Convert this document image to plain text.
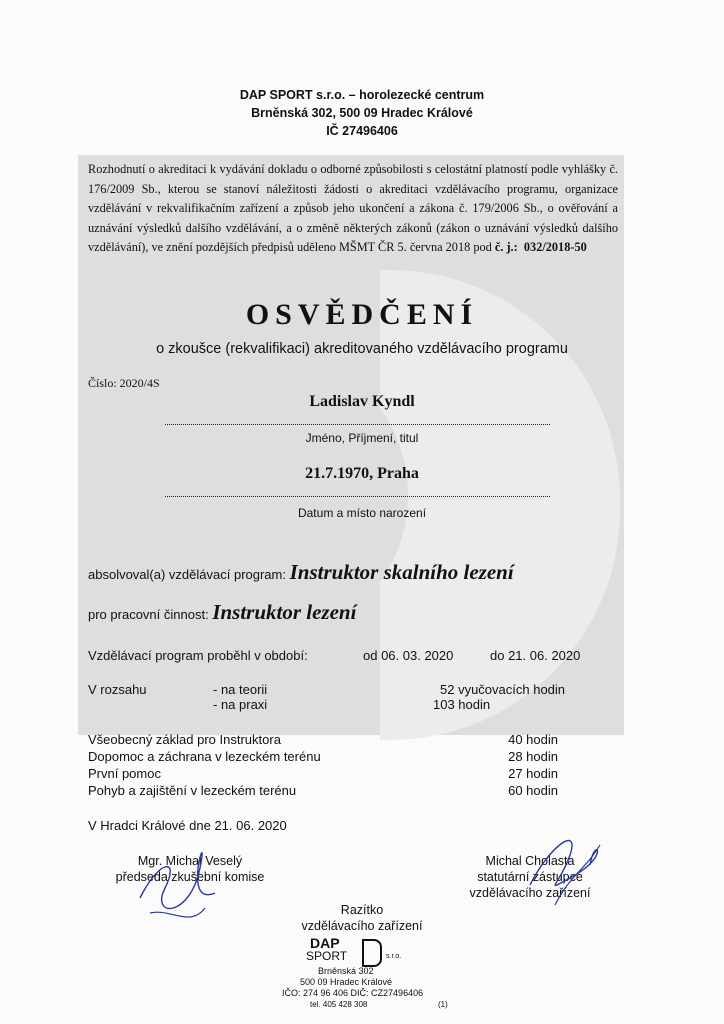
DAP SPORT s.r.o. – horolezecké centrum
Brněnská 302, 500 09 Hradec Králové
IČ 27496406
Rozhodnutí o akreditaci k vydávání dokladu o odborné způsobilosti s celostátní platností podle vyhlášky č. 176/2009 Sb., kterou se stanoví náležitosti žádosti o akreditaci vzdělávacího programu, organizace vzdělávání v rekvalifikačním zařízení a způsob jeho ukončení a zákona č. 179/2006 Sb., o ověřování a uznávání výsledků dalšího vzdělávání, a o změně některých zákonů (zákon o uznávání výsledků dalšího vzdělávání), ve znění pozdějších předpisů uděleno MŠMT ČR 5. června 2018 pod č. j.: 032/2018-50
OSVĚDČENÍ
o zkoušce (rekvalifikaci) akreditovaného vzdělávacího programu
Číslo: 2020/4S
Ladislav Kyndl
Jméno, Příjmení, titul
21.7.1970, Praha
Datum a místo narození
absolvoval(a) vzdělávací program: Instruktor skalního lezení
pro pracovní činnost: Instruktor lezení
Vzdělávací program proběhl v období:	od 06. 03. 2020	do 21. 06. 2020
V rozsahu	- na teorii	52 vyučovacích hodin
- na praxi	103 hodin
Všeobecný základ pro Instruktora	40 hodin
Dopomoc a záchrana v lezeckém terénu	28 hodin
První pomoc	27 hodin
Pohyb a zajištění v lezeckém terénu	60 hodin
V Hradci Králové dne 21. 06. 2020
Mgr. Michal Veselý
předseda zkušební komise
Michal Cholasta
statutární zástupce
vzdělávacího zařízení
Razítko
vzdělávacího zařízení
DAP
SPORT	s.r.o.
Brněnská 302
500 09 Hradec Králové
IČO: 274 96 406 DIČ: CZ27496406
tel. 405 428 308	(1)
